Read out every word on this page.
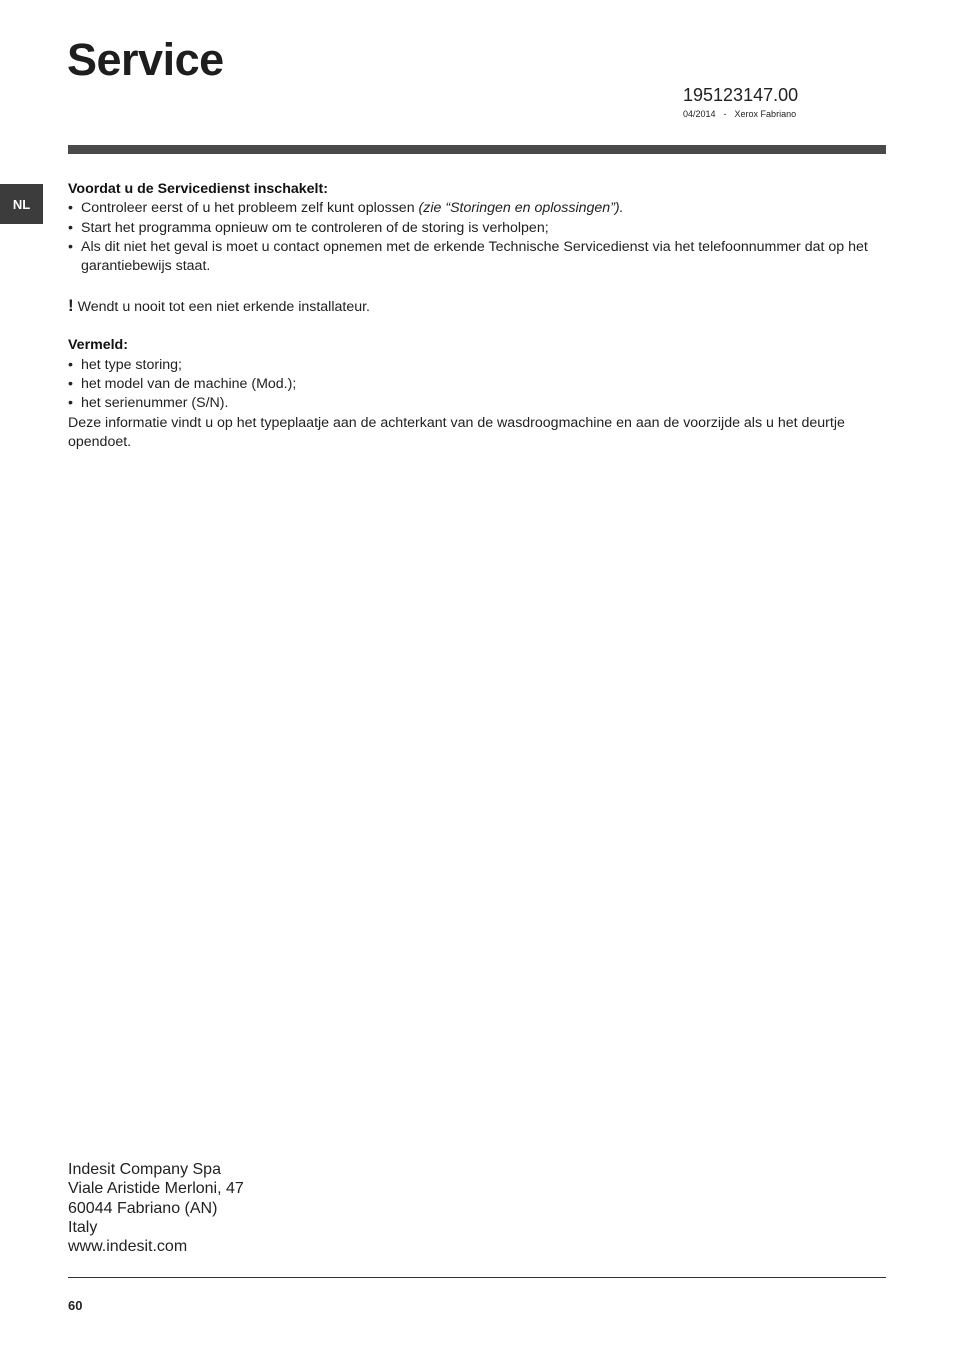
Service
195123147.00
04/2014 - Xerox Fabriano
NL

Voordat u de Servicedienst inschakelt:

• Controleer eerst of u het probleem zelf kunt oplossen (zie “Storingen en oplossingen”).
• Start het programma opnieuw om te controleren of de storing is verholpen;
• Als dit niet het geval is moet u contact opnemen met de erkende Technische Servicedienst via het telefoonnummer dat op het garantiebewijs staat.

! Wendt u nooit tot een niet erkende installateur.

Vermeld:

• het type storing;
• het model van de machine (Mod.);
• het serienummer (S/N).

Deze informatie vindt u op het typeplaatje aan de achterkant van de wasdroogmachine en aan de voorzijde als u het deurtje opendoet.

Indesit Company Spa
Viale Aristide Merloni, 47
60044 Fabriano (AN)
Italy
www.indesit.com
60
